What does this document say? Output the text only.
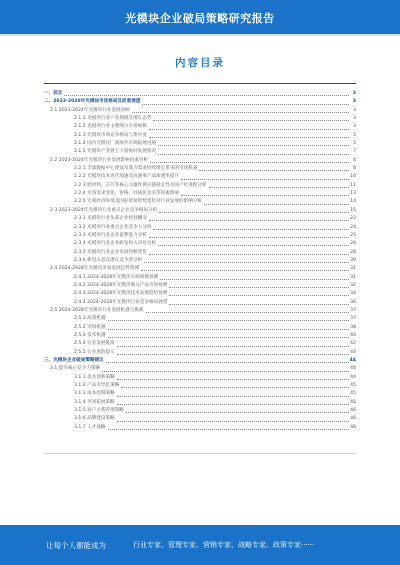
光模块企业破局策略研究报告
内容目录
一、前言	3
二、2023-2028年光模块市场格局及前景展望	3
2.1 2023-2024年光模块行业发展回顾	3
2.1.1 光模块行业产业规模及增长态势	3
2.1.2 光模块行业主要细分市场规模	3
2.1.3 光模块市场竞争格局与集中度	5
2.1.4 国内光模块厂商海外市场拓展进展	5
2.1.5 光模块产业链上下游协同发展情况	7
2.2 2023-2024年光模块行业发展影响因素分析	8
2.2.1 全球数据中心建设及算力需求持续增长带来的市场机遇	8
2.2.2 光模块技术迭代加速及高速率产品渗透率提升	10
2.2.3 原材料、芯片等核心元器件供应链稳定性及国产化进程分析	11
2.2.4 市场需求变化、价格、同质化竞争等因素影响	13
2.2.5 宏观经济环境及国际贸易形势变化对行业发展的影响分析	14
2.3 2023-2024年光模块行业重点企业竞争格局分析	15
2.3.1 光模块行业头部企业经营概况	22
2.3.2 光模块行业重点企业竞争力分析	24
2.3.3 光模块行业企业盈利能力分析	25
2.3.4 光模块行业企业研发投入对比分析	26
2.3.5 光模块行业企业市场份额变化	28
2.3.6 新进入者及潜在竞争者分析	30
2.4 2024-2028年光模块市场发展趋势预测	31
2.4.1 2024-2028年光模块市场规模预测	31
2.4.2 2024-2028年光模块细分产品市场预测	32
2.4.3 2024-2028年光模块技术发展趋势预测	34
2.4.4 2024-2028年光模块行业竞争格局展望	36
2.5 2024-2028年光模块行业发展机遇与挑战	37
2.5.1 政策机遇	37
2.5.2 市场机遇	38
2.5.3 技术机遇	40
2.5.4 行业发展挑战	42
2.5.5 行业风险提示	44
三、光模块企业破局策略建议	44
3.1 提升核心竞争力策略	44
3.1.1 技术创新策略	44
3.1.2 产品差异化策略	45
3.1.3 成本控制策略	45
3.1.4 市场拓展策略	45
3.1.5 客户关系管理策略	46
3.1.6 品牌建设策略	46
3.1.7 人才战略	46
让每个人都能成为	行业专家、管理专家、营销专家、战略专家、政策专家······
